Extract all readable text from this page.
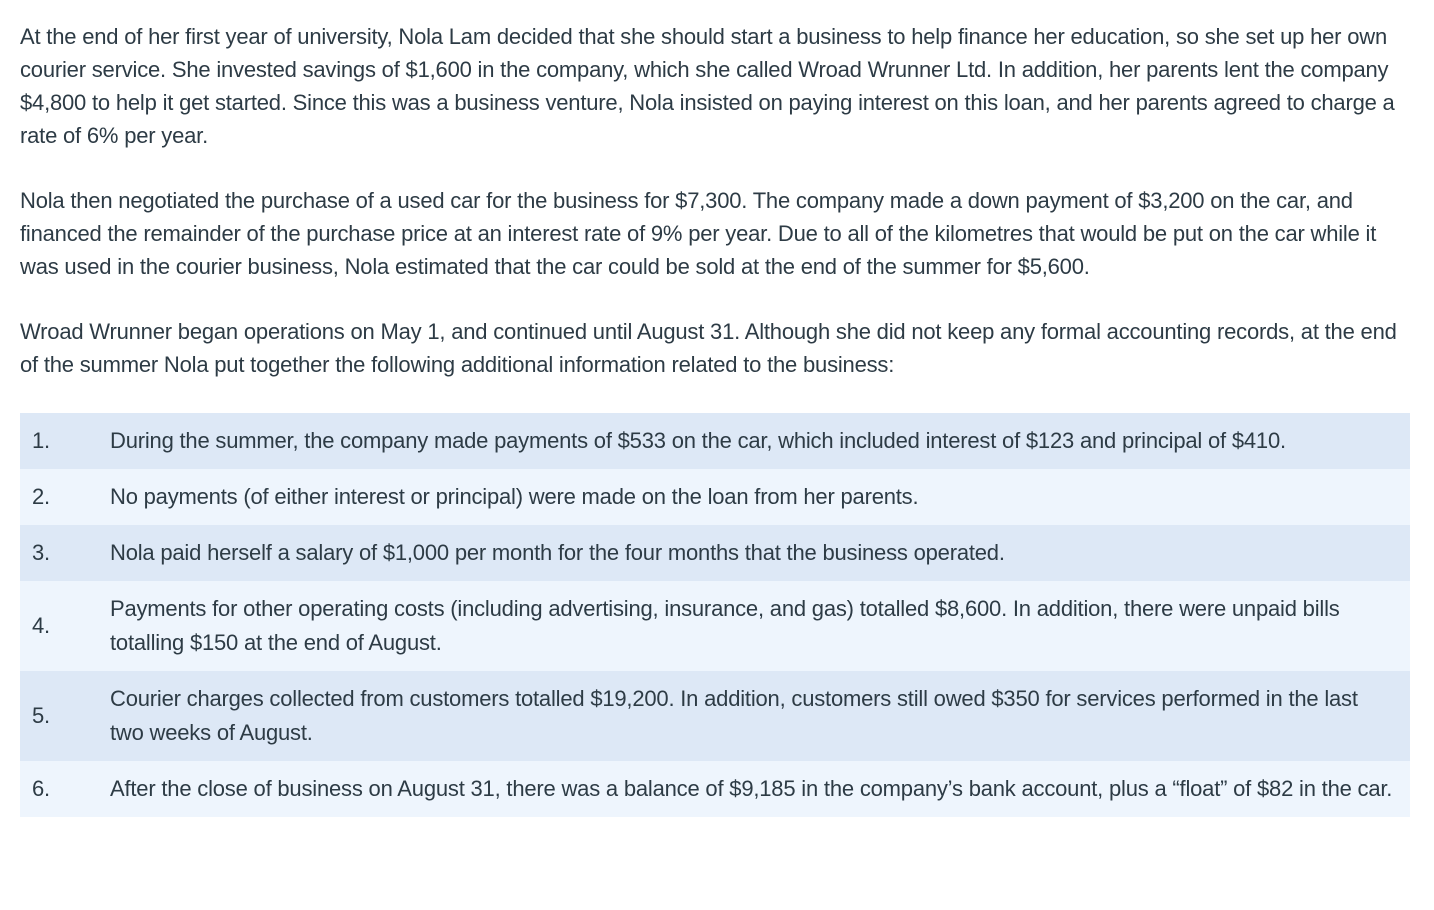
At the end of her first year of university, Nola Lam decided that she should start a business to help finance her education, so she set up her own courier service. She invested savings of $1,600 in the company, which she called Wroad Wrunner Ltd. In addition, her parents lent the company $4,800 to help it get started. Since this was a business venture, Nola insisted on paying interest on this loan, and her parents agreed to charge a rate of 6% per year.

Nola then negotiated the purchase of a used car for the business for $7,300. The company made a down payment of $3,200 on the car, and financed the remainder of the purchase price at an interest rate of 9% per year. Due to all of the kilometres that would be put on the car while it was used in the courier business, Nola estimated that the car could be sold at the end of the summer for $5,600.

Wroad Wrunner began operations on May 1, and continued until August 31. Although she did not keep any formal accounting records, at the end of the summer Nola put together the following additional information related to the business:

1.	During the summer, the company made payments of $533 on the car, which included interest of $123 and principal of $410.
2.	No payments (of either interest or principal) were made on the loan from her parents.
3.	Nola paid herself a salary of $1,000 per month for the four months that the business operated.
4.	Payments for other operating costs (including advertising, insurance, and gas) totalled $8,600. In addition, there were unpaid bills totalling $150 at the end of August.
5.	Courier charges collected from customers totalled $19,200. In addition, customers still owed $350 for services performed in the last two weeks of August.
6.	After the close of business on August 31, there was a balance of $9,185 in the company’s bank account, plus a “float” of $82 in the car.
